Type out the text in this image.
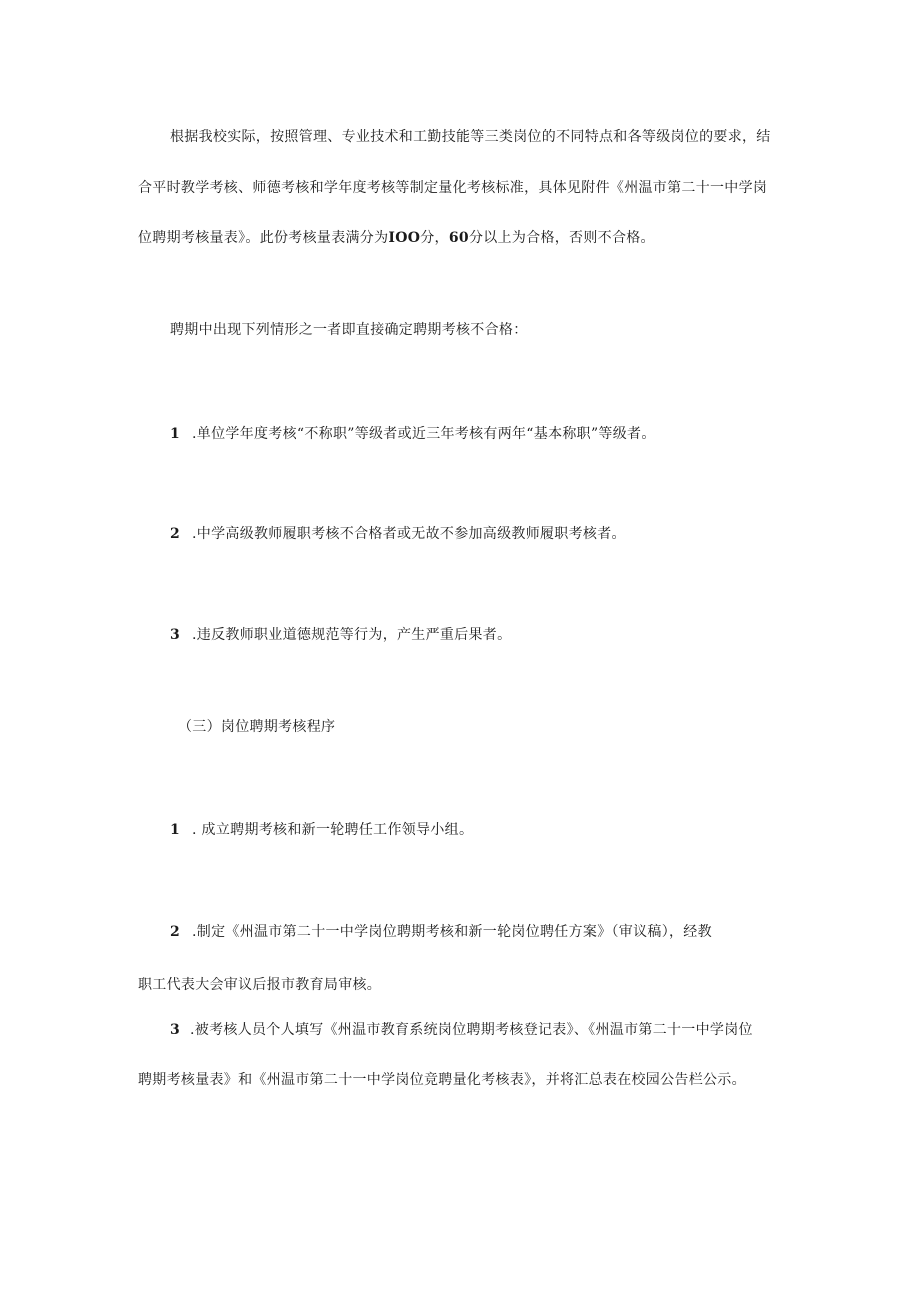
根据我校实际，按照管理、专业技术和工勤技能等三类岗位的不同特点和各等级岗位的要求，结
合平时教学考核、师德考核和学年度考核等制定量化考核标准，具体见附件《州温市第二十一中学岗
位聘期考核量表》。此份考核量表满分为IOO分，60分以上为合格，否则不合格。
聘期中出现下列情形之一者即直接确定聘期考核不合格：
1 .单位学年度考核“不称职”等级者或近三年考核有两年“基本称职”等级者。
2 .中学高级教师履职考核不合格者或无故不参加高级教师履职考核者。
3 .违反教师职业道德规范等行为，产生严重后果者。
（三）岗位聘期考核程序
1 . 成立聘期考核和新一轮聘任工作领导小组。
2 .制定《州温市第二十一中学岗位聘期考核和新一轮岗位聘任方案》（审议稿），经教
职工代表大会审议后报市教育局审核。
3 .被考核人员个人填写《州温市教育系统岗位聘期考核登记表》、《州温市第二十一中学岗位
聘期考核量表》和《州温市第二十一中学岗位竞聘量化考核表》，并将汇总表在校园公告栏公示。
